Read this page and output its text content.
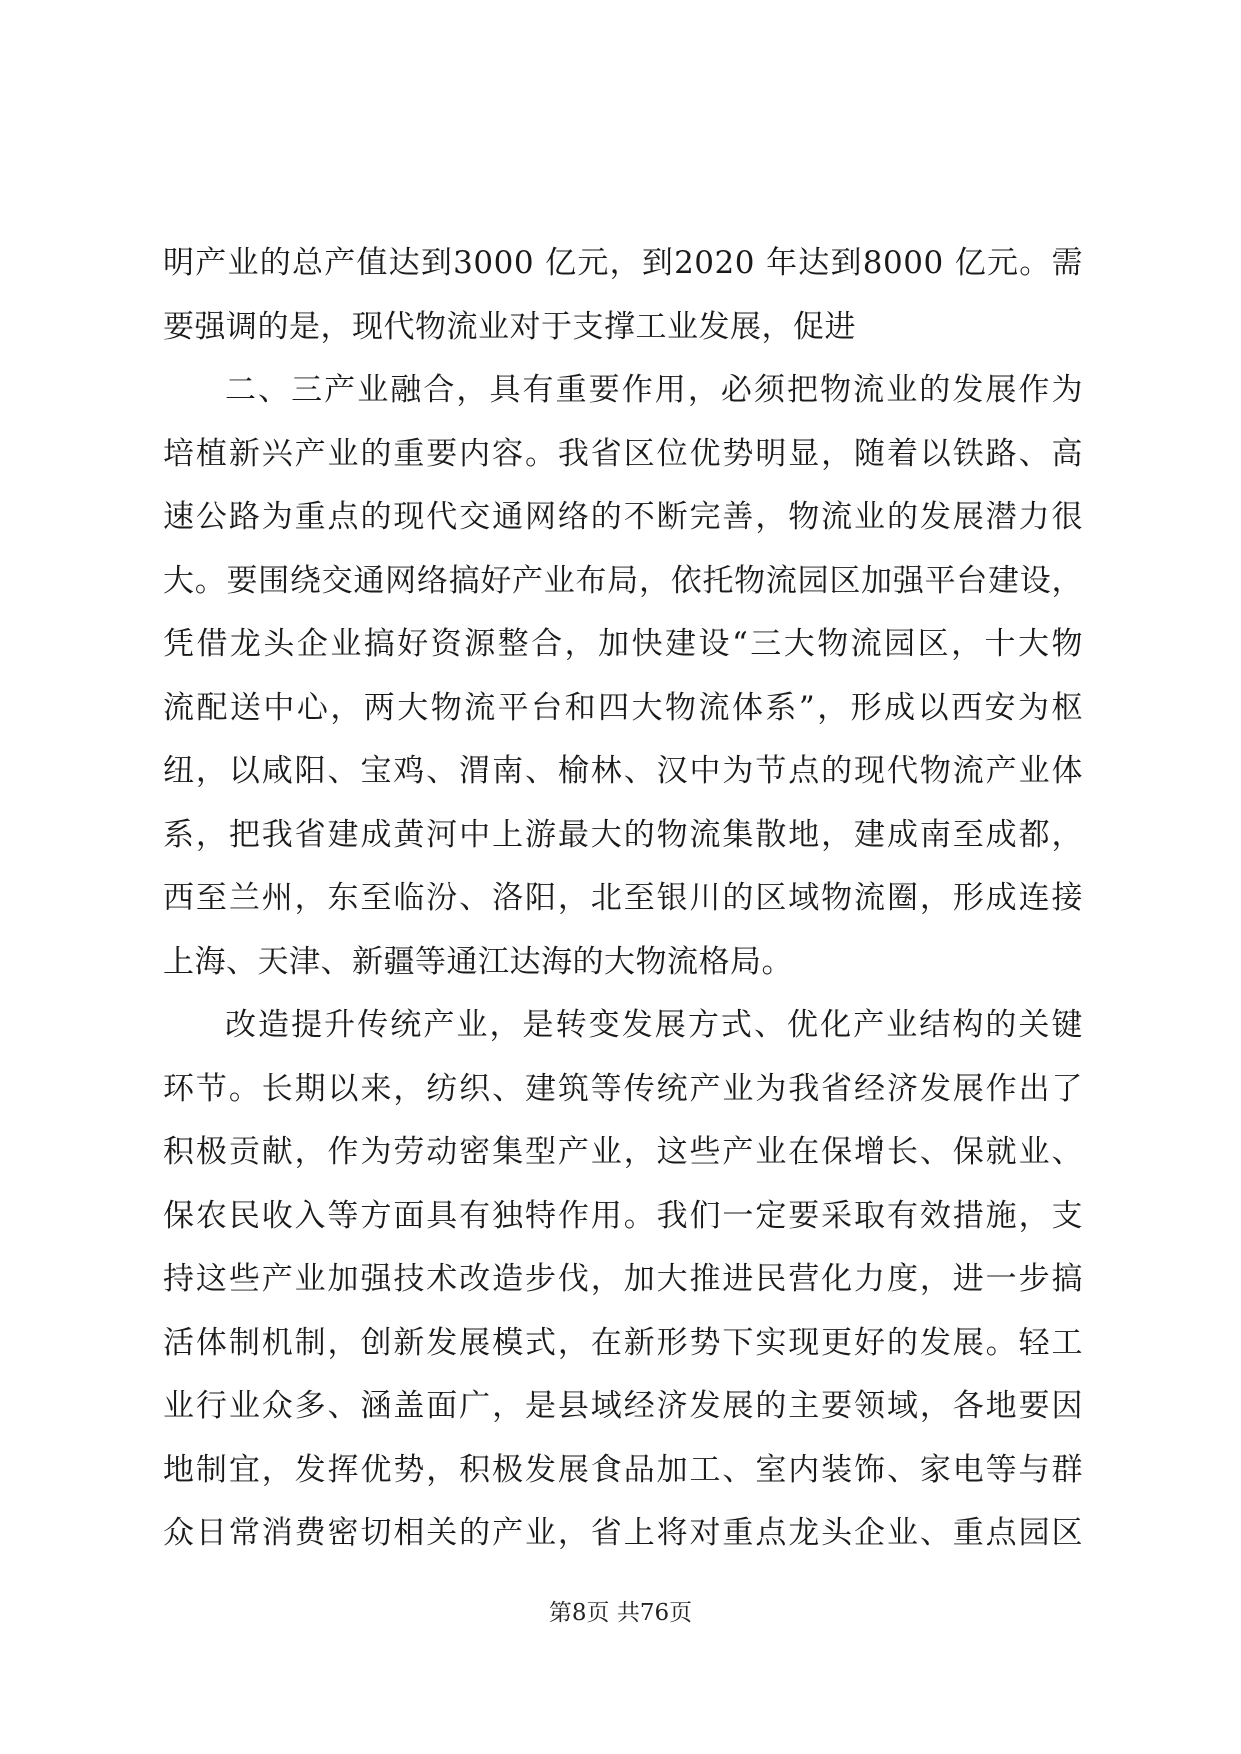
明产业的总产值达到3000 亿元，到2020 年达到8000 亿元。需
要强调的是，现代物流业对于支撑工业发展，促进
二、三产业融合，具有重要作用，必须把物流业的发展作为
培植新兴产业的重要内容。我省区位优势明显，随着以铁路、高
速公路为重点的现代交通网络的不断完善，物流业的发展潜力很
大。要围绕交通网络搞好产业布局，依托物流园区加强平台建设，
凭借龙头企业搞好资源整合，加快建设“三大物流园区，十大物
流配送中心，两大物流平台和四大物流体系”，形成以西安为枢
纽，以咸阳、宝鸡、渭南、榆林、汉中为节点的现代物流产业体
系，把我省建成黄河中上游最大的物流集散地，建成南至成都，
西至兰州，东至临汾、洛阳，北至银川的区域物流圈，形成连接
上海、天津、新疆等通江达海的大物流格局。
改造提升传统产业，是转变发展方式、优化产业结构的关键
环节。长期以来，纺织、建筑等传统产业为我省经济发展作出了
积极贡献，作为劳动密集型产业，这些产业在保增长、保就业、
保农民收入等方面具有独特作用。我们一定要采取有效措施，支
持这些产业加强技术改造步伐，加大推进民营化力度，进一步搞
活体制机制，创新发展模式，在新形势下实现更好的发展。轻工
业行业众多、涵盖面广，是县域经济发展的主要领域，各地要因
地制宜，发挥优势，积极发展食品加工、室内装饰、家电等与群
众日常消费密切相关的产业，省上将对重点龙头企业、重点园区
第8页 共76页
